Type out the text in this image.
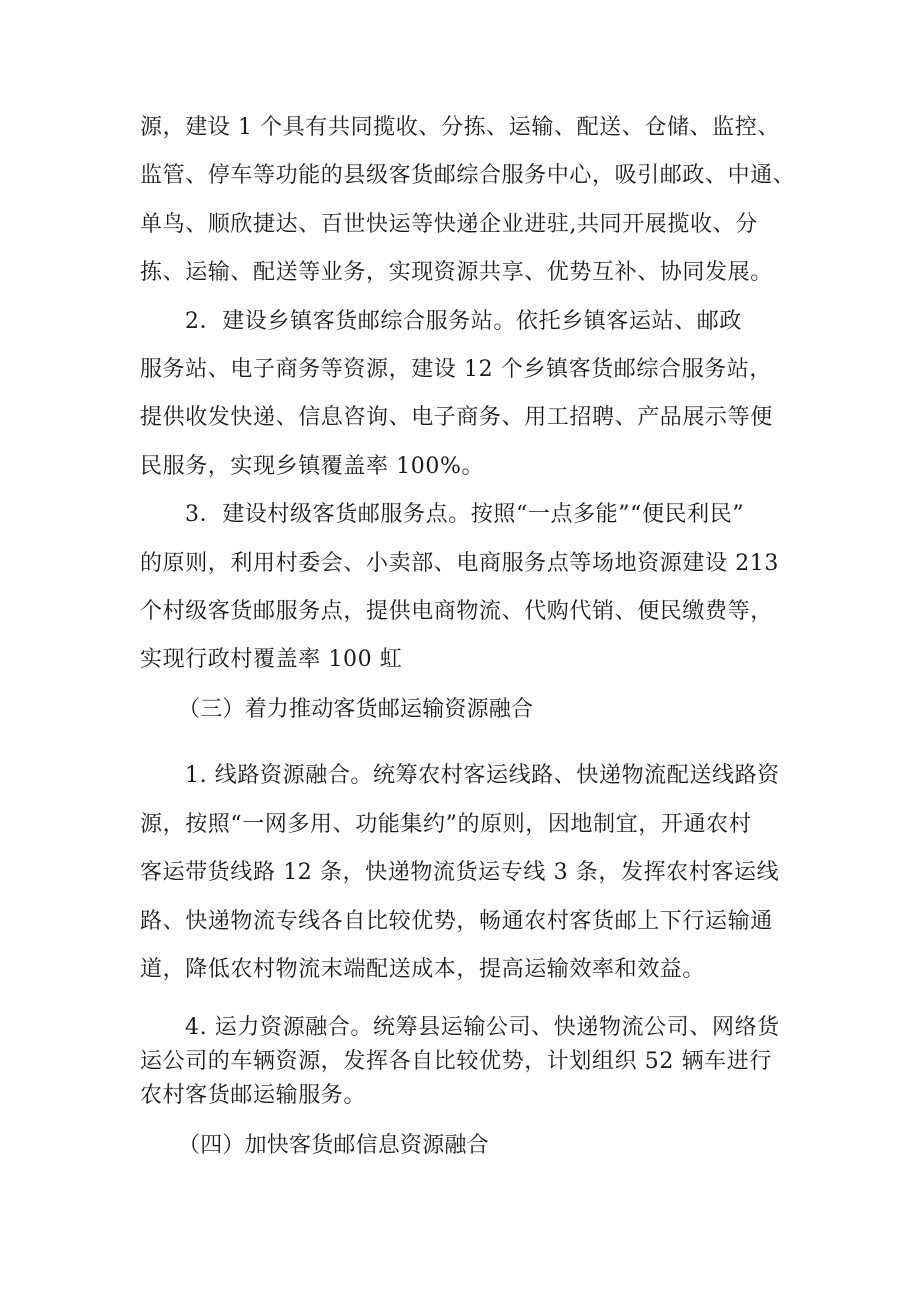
源，建设 1 个具有共同揽收、分拣、运输、配送、仓储、监控、
监管、停车等功能的县级客货邮综合服务中心，吸引邮政、中通、
单鸟、顺欣捷达、百世快运等快递企业进驻,共同开展揽收、分
拣、运输、配送等业务，实现资源共享、优势互补、协同发展。
2．建设乡镇客货邮综合服务站。依托乡镇客运站、邮政
服务站、电子商务等资源，建设 12 个乡镇客货邮综合服务站，
提供收发快递、信息咨询、电子商务、用工招聘、产品展示等便
民服务，实现乡镇覆盖率 100%。
3．建设村级客货邮服务点。按照“一点多能”“便民利民”
的原则，利用村委会、小卖部、电商服务点等场地资源建设 213
个村级客货邮服务点，提供电商物流、代购代销、便民缴费等，
实现行政村覆盖率 100 虹
（三）着力推动客货邮运输资源融合
1. 线路资源融合。统筹农村客运线路、快递物流配送线路资
源，按照“一网多用、功能集约”的原则，因地制宜，开通农村
客运带货线路 12 条，快递物流货运专线 3 条，发挥农村客运线
路、快递物流专线各自比较优势，畅通农村客货邮上下行运输通
道，降低农村物流末端配送成本，提高运输效率和效益。
4. 运力资源融合。统筹县运输公司、快递物流公司、网络货
运公司的车辆资源，发挥各自比较优势，计划组织 52 辆车进行
农村客货邮运输服务。
（四）加快客货邮信息资源融合
